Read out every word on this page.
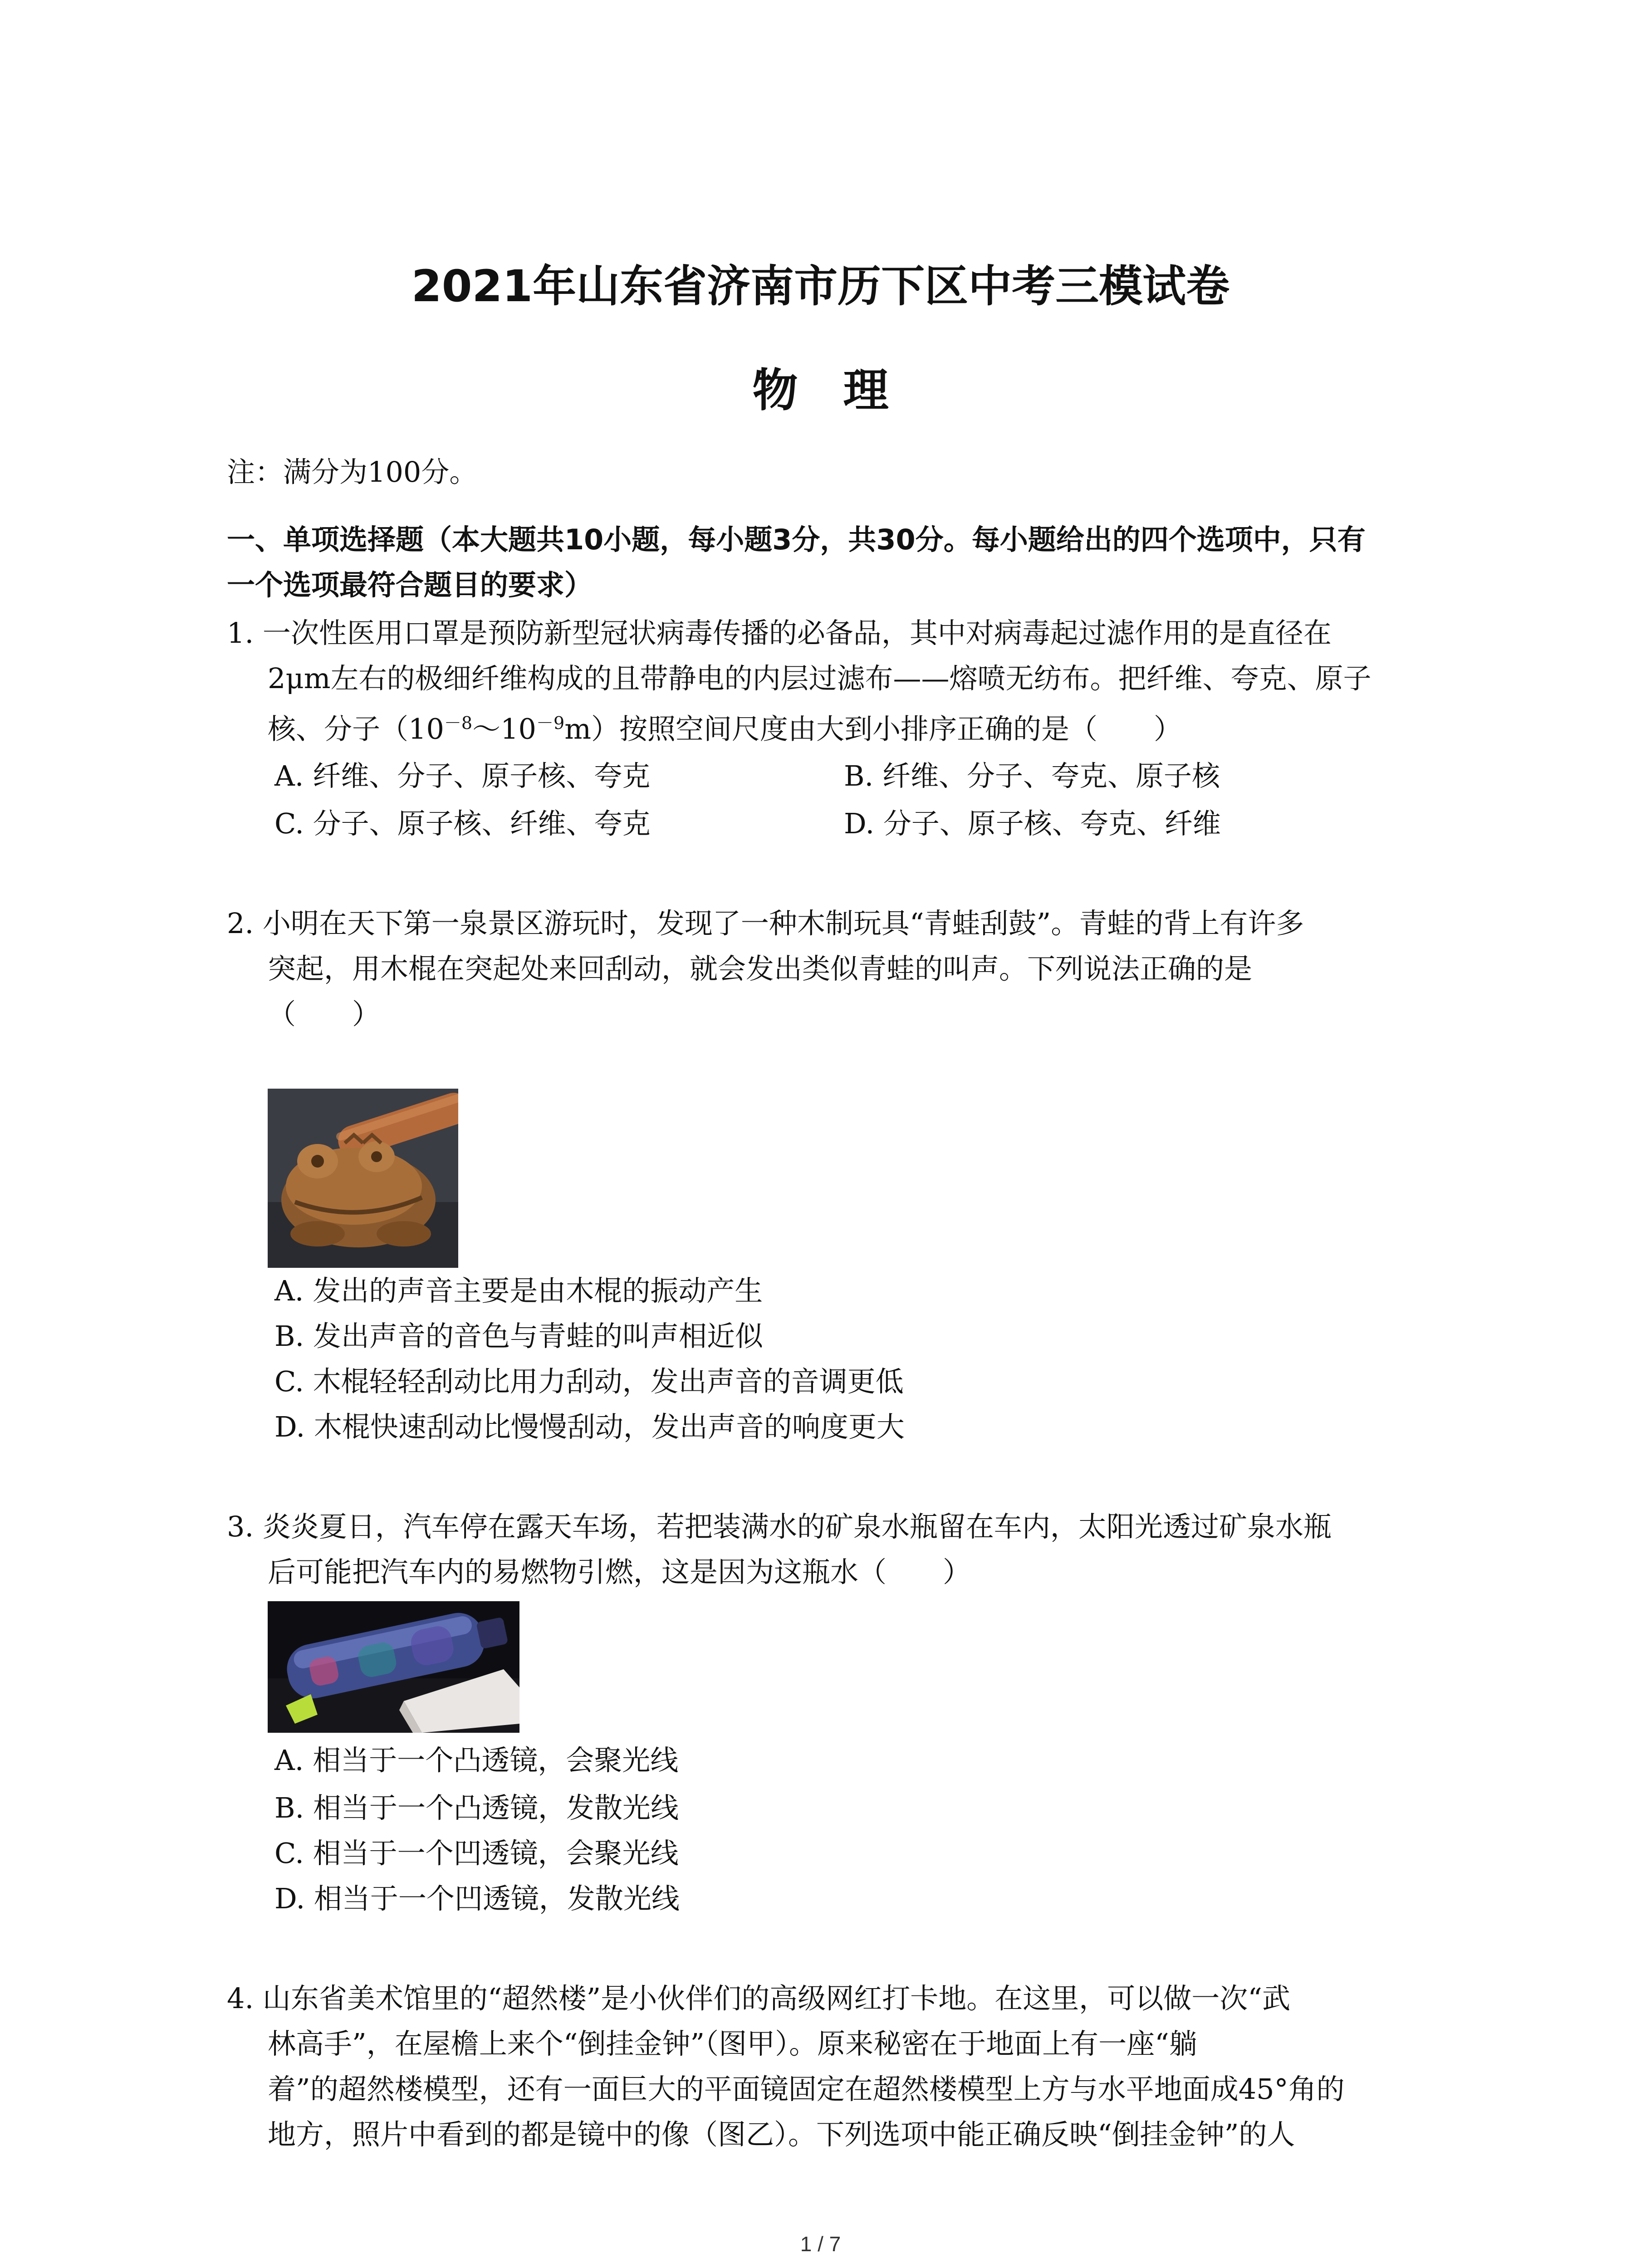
2021年山东省济南市历下区中考三模试卷
物　理
注：满分为100分。
一、单项选择题（本大题共10小题，每小题3分，共30分。每小题给出的四个选项中，只有
一个选项最符合题目的要求）
1. 一次性医用口罩是预防新型冠状病毒传播的必备品，其中对病毒起过滤作用的是直径在
2μm左右的极细纤维构成的且带静电的内层过滤布——熔喷无纺布。把纤维、夸克、原子
核、分子$(10^{-8}\sim 10^{-9}m)$按照空间尺度由大到小排序正确的是（　　）
A. 纤维、分子、原子核、夸克	B. 纤维、分子、夸克、原子核
C. 分子、原子核、纤维、夸克	D. 分子、原子核、夸克、纤维
2. 小明在天下第一泉景区游玩时，发现了一种木制玩具“青蛙刮鼓”。青蛙的背上有许多
突起，用木棍在突起处来回刮动，就会发出类似青蛙的叫声。下列说法正确的是
（　　）
A. 发出的声音主要是由木棍的振动产生
B. 发出声音的音色与青蛙的叫声相近似
C. 木棍轻轻刮动比用力刮动，发出声音的音调更低
D. 木棍快速刮动比慢慢刮动，发出声音的响度更大
3. 炎炎夏日，汽车停在露天车场，若把装满水的矿泉水瓶留在车内，太阳光透过矿泉水瓶
后可能把汽车内的易燃物引燃，这是因为这瓶水（　　）
A. 相当于一个凸透镜，会聚光线
B. 相当于一个凸透镜，发散光线
C. 相当于一个凹透镜，会聚光线
D. 相当于一个凹透镜，发散光线
4. 山东省美术馆里的“超然楼”是小伙伴们的高级网红打卡地。在这里，可以做一次“武
林高手”，在屋檐上来个“倒挂金钟”（图甲）。原来秘密在于地面上有一座“躺
着”的超然楼模型，还有一面巨大的平面镜固定在超然楼模型上方与水平地面成45°角的
地方，照片中看到的都是镜中的像（图乙）。下列选项中能正确反映“倒挂金钟”的人
1 / 7
